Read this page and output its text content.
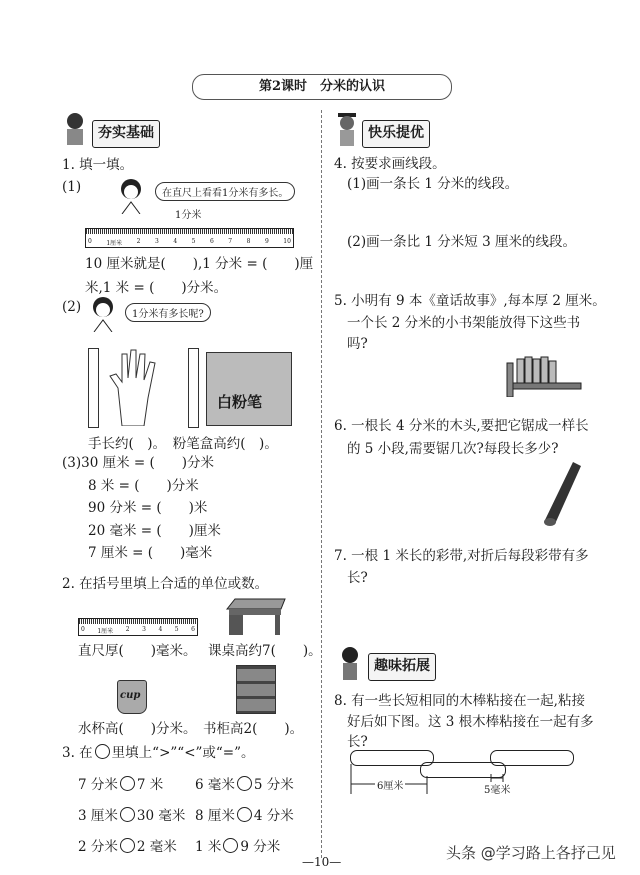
第2课时　分米的认识
夯实基础
1. 填一填。
(1)	在直尺上看看1分米有多长。
1分米
0 1厘米 2 3 4 5 6 7 8 9 10
10 厘米就是(　　),1 分米 = (　　)厘
米,1 米 = (　　)分米。
(2)	1分米有多长呢?
白粉笔
手长约(　)。　粉笔盒高约(　)。
2. 在括号里填上合适的单位或数。
0 1厘米 2 3 4 5 6
直尺厚(　　)毫米。 课桌高约7(　　)。
cup
水杯高(　　)分米。 书柜高2(　　)。
3. 在 里填上“>”“<”或“=”。
快乐提优
4. 按要求画线段。
(1)画一条长 1 分米的线段。
(2)画一条比 1 分米短 3 厘米的线段。
5. 小明有 9 本《童话故事》,每本厚 2 厘米。
一个长 2 分米的小书架能放得下这些书
吗?
6. 一根长 4 分米的木头,要把它锯成一样长
的 5 小段,需要锯几次?每段长多少?
7. 一根 1 米长的彩带,对折后每段彩带有多
长?
趣味拓展
8. 有一些长短相同的木棒粘接在一起,粘接
好后如下图。这 3 根木棒粘接在一起有多
长?
6厘米	5毫米
—10—	头条 @学习路上各抒己见
(3)30 厘米 = (　　)分米
8 米 = (　　)分米
90 分米 = (　　)米
20 毫米 = (　　)厘米
7 厘米 = (　　)毫米
7 分米 7 米 6 毫米 5 分米
3 厘米 30 毫米 8 厘米 4 分米
2 分米 2 毫米 1 米 9 分米
